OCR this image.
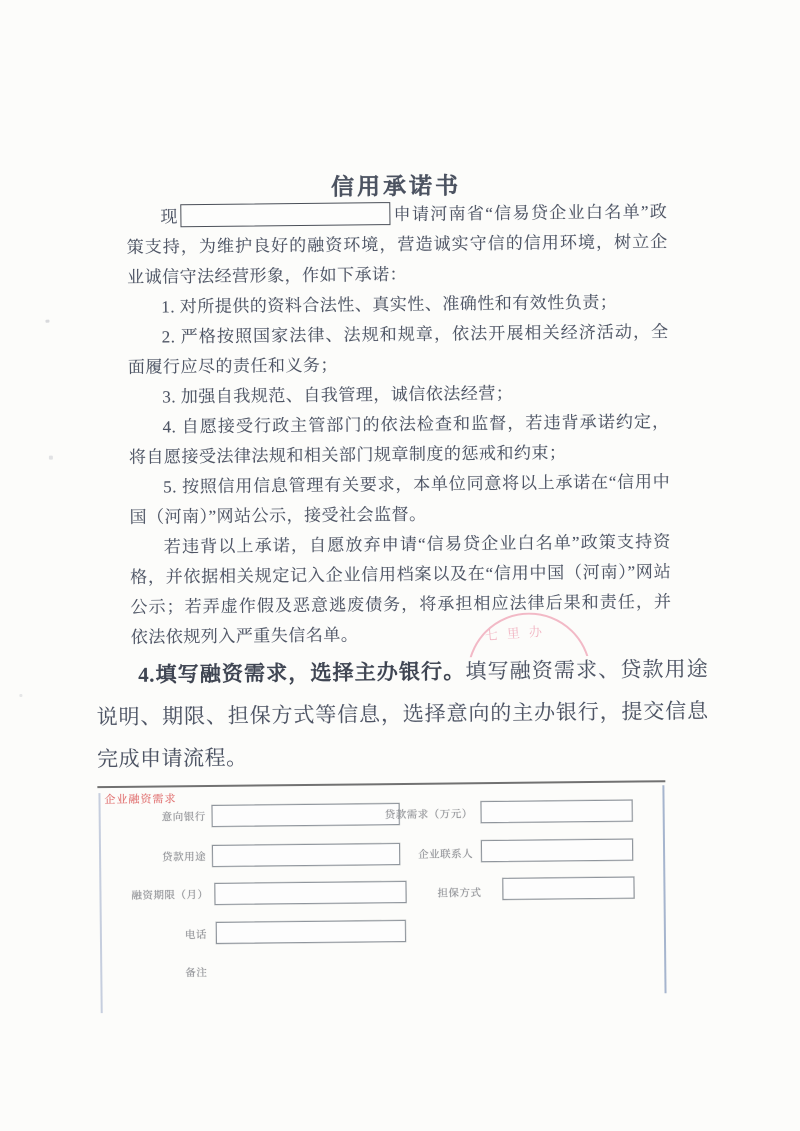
信用承诺书

现	申请河南省“信易贷企业白名单”政策支持，为维护良好的融资环境，营造诚实守信的信用环境，树立企业诚信守法经营形象，作如下承诺：

1. 对所提供的资料合法性、真实性、准确性和有效性负责；

2. 严格按照国家法律、法规和规章，依法开展相关经济活动，全面履行应尽的责任和义务；

3. 加强自我规范、自我管理，诚信依法经营；

4. 自愿接受行政主管部门的依法检查和监督，若违背承诺约定，将自愿接受法律法规和相关部门规章制度的惩戒和约束；

5. 按照信用信息管理有关要求，本单位同意将以上承诺在“信用中国（河南）”网站公示，接受社会监督。

若违背以上承诺，自愿放弃申请“信易贷企业白名单”政策支持资格，并依据相关规定记入企业信用档案以及在“信用中国（河南）”网站公示；若弄虚作假及恶意逃废债务，将承担相应法律后果和责任，并依法依规列入严重失信名单。	七里办

4.填写融资需求，选择主办银行。填写融资需求、贷款用途说明、期限、担保方式等信息，选择意向的主办银行，提交信息完成申请流程。

企业融资需求
意向银行	贷款需求（万元）
贷款用途	企业联系人
融资期限（月）	担保方式
电话
备注
